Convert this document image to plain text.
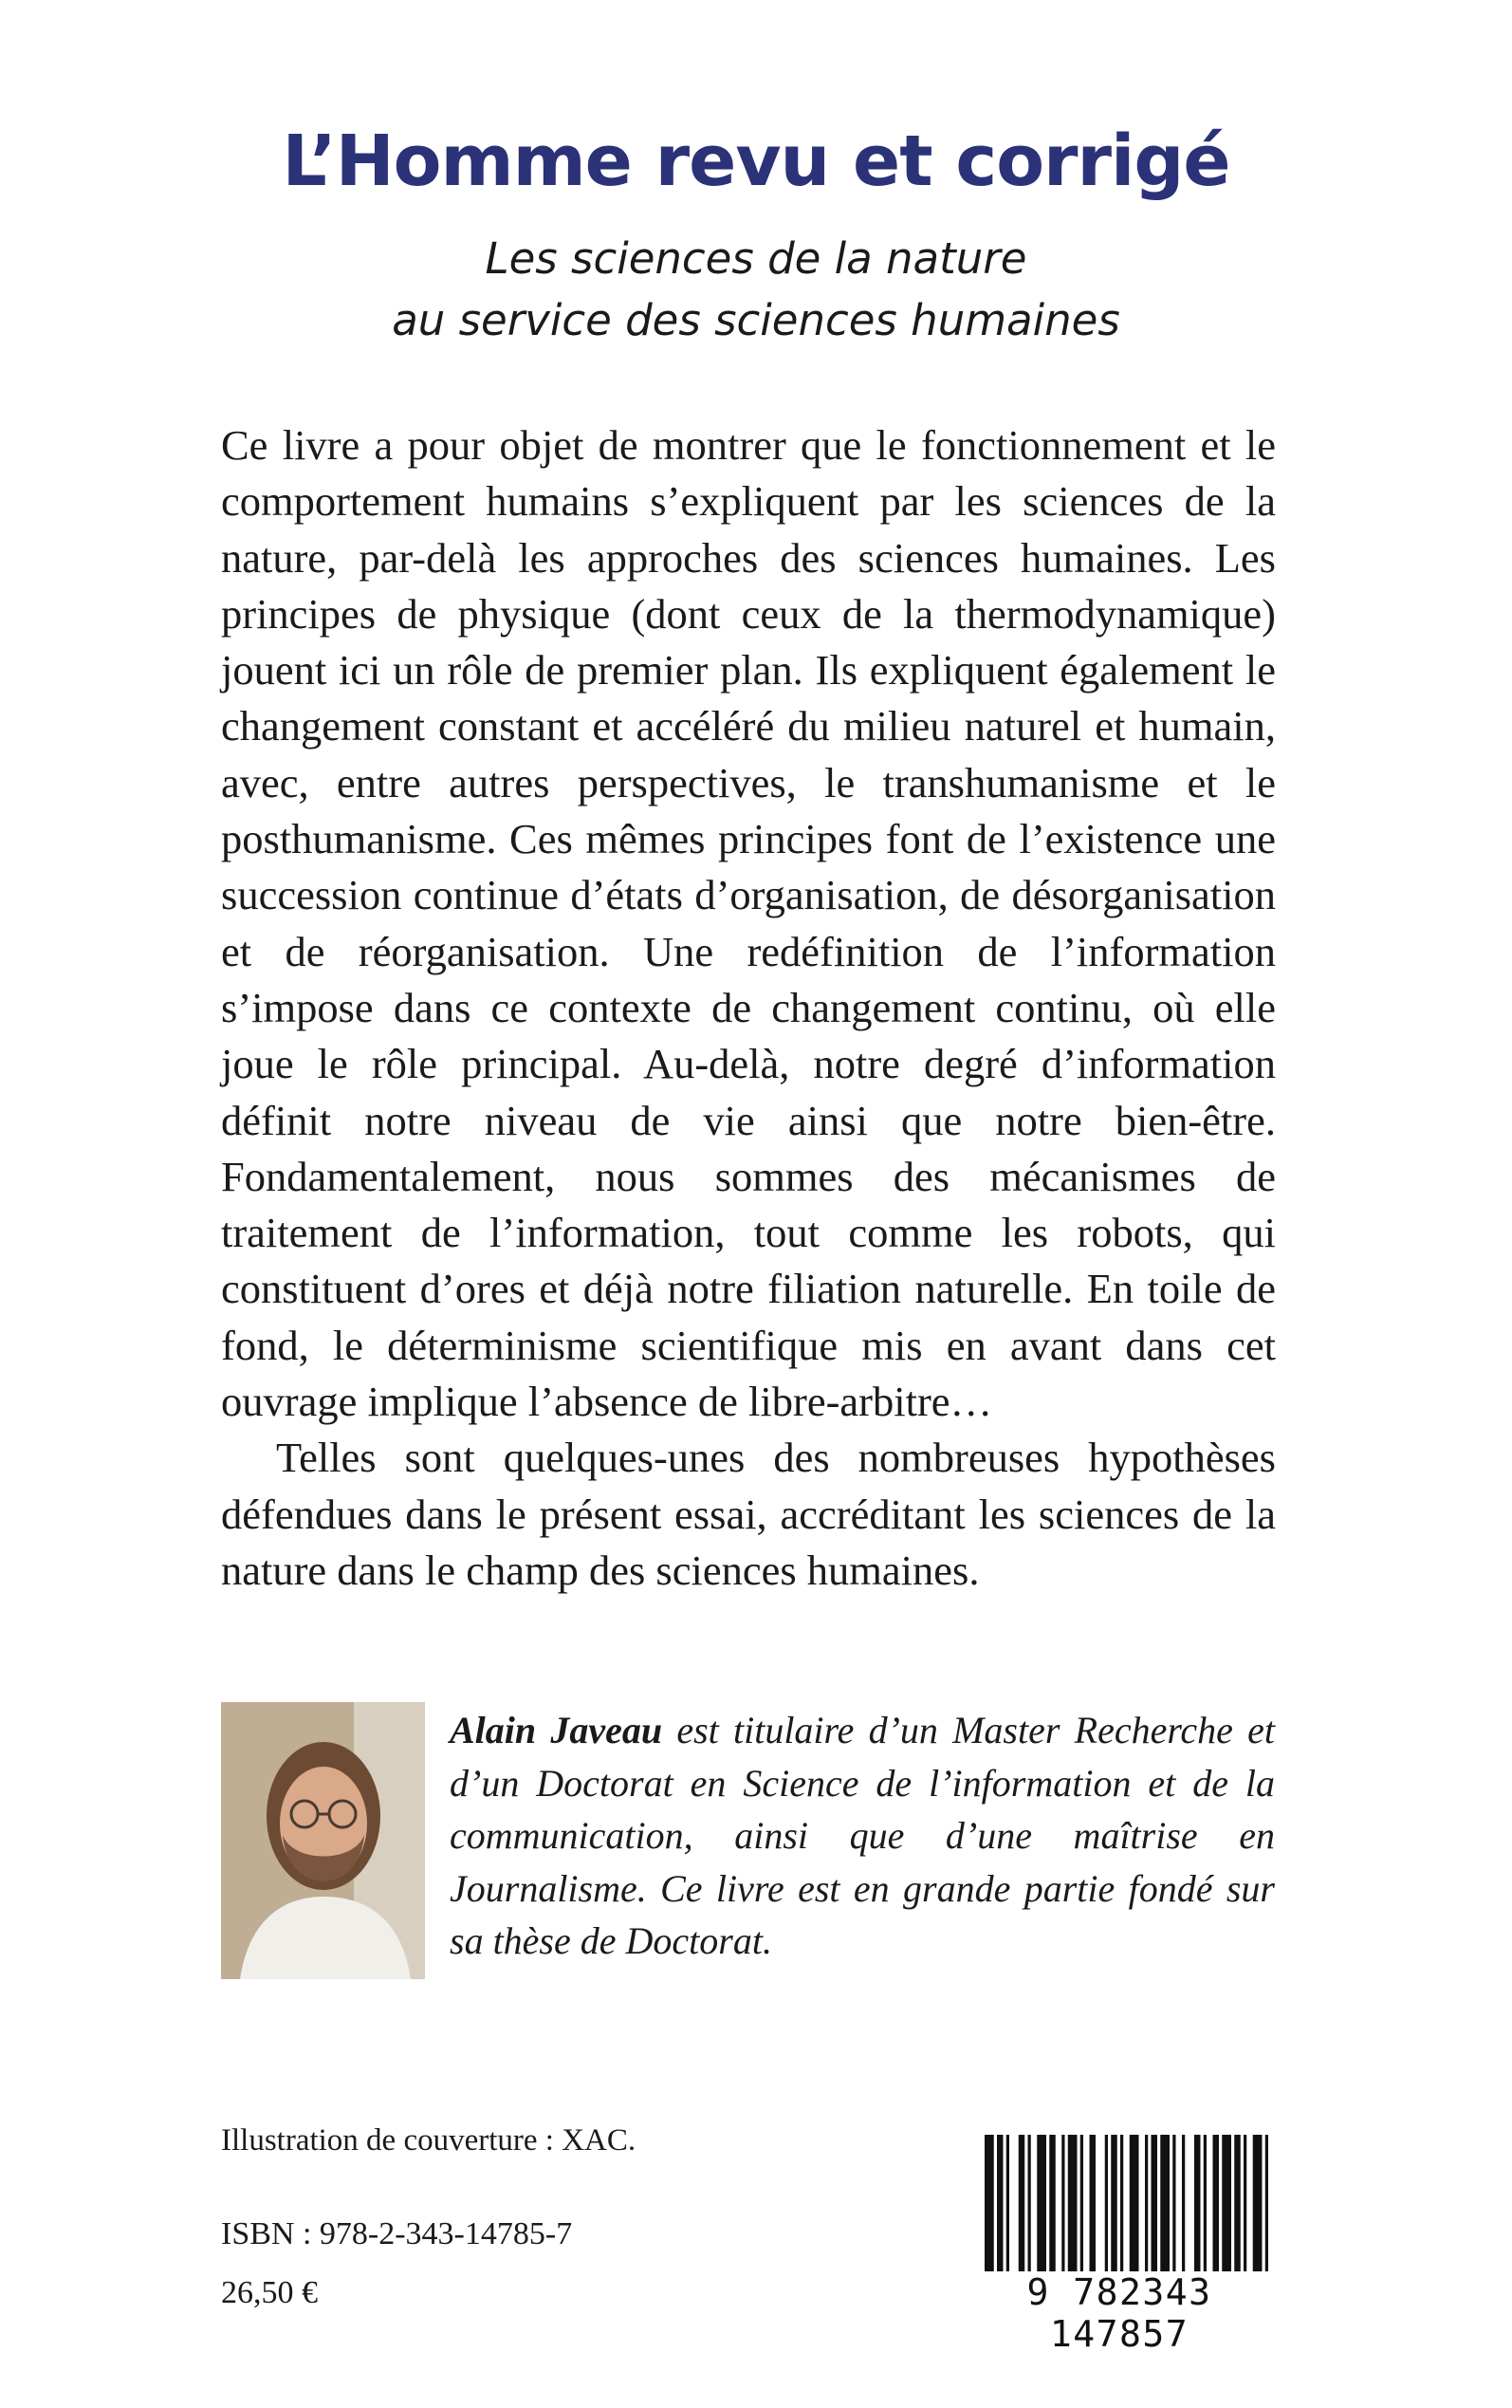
L’Homme revu et corrigé

Les sciences de la nature

au service des sciences humaines

Ce livre a pour objet de montrer que le fonctionnement et le comportement humains s’expliquent par les sciences de la nature, par-delà les approches des sciences humaines. Les principes de physique (dont ceux de la thermodynamique) jouent ici un rôle de premier plan. Ils expliquent également le changement constant et accéléré du milieu naturel et humain, avec, entre autres perspectives, le transhumanisme et le posthumanisme. Ces mêmes principes font de l’existence une succession continue d’états d’organisation, de désorganisation et de réorganisation. Une redéfinition de l’information s’impose dans ce contexte de changement continu, où elle joue le rôle principal. Au-delà, notre degré d’information définit notre niveau de vie ainsi que notre bien-être. Fondamentalement, nous sommes des mécanismes de traitement de l’information, tout comme les robots, qui constituent d’ores et déjà notre filiation naturelle. En toile de fond, le déterminisme scientifique mis en avant dans cet ouvrage implique l’absence de libre-arbitre…

Telles sont quelques-unes des nombreuses hypothèses défendues dans le présent essai, accréditant les sciences de la nature dans le champ des sciences humaines.

Alain Javeau est titulaire d’un Master Recherche et d’un Doctorat en Science de l’information et de la communication, ainsi que d’une maîtrise en Journalisme. Ce livre est en grande partie fondé sur sa thèse de Doctorat.

Illustration de couverture : XAC.

ISBN : 978-2-343-14785-7

26,50 €	9 782343 147857
